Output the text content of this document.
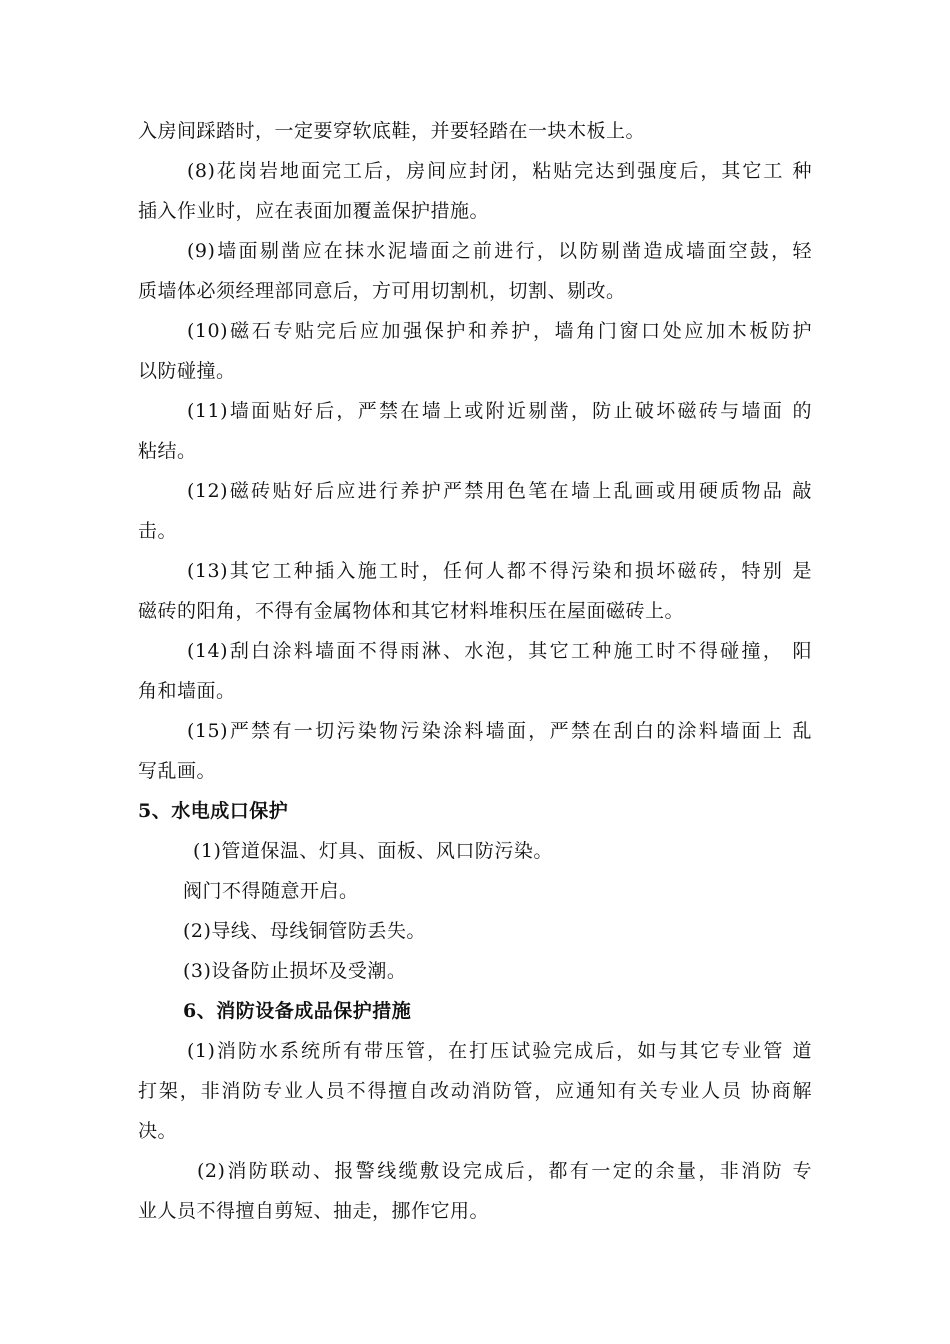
入房间踩踏时，一定要穿软底鞋，并要轻踏在一块木板上。
(8)花岗岩地面完工后，房间应封闭，粘贴完达到强度后，其它工 种
插入作业时，应在表面加覆盖保护措施。
(9)墙面剔凿应在抹水泥墙面之前进行，以防剔凿造成墙面空鼓，轻
质墙体必须经理部同意后，方可用切割机，切割、剔改。
(10)磁石专贴完后应加强保护和养护，墙角门窗口处应加木板防护
以防碰撞。
(11)墙面贴好后，严禁在墙上或附近剔凿，防止破坏磁砖与墙面 的
粘结。
(12)磁砖贴好后应进行养护严禁用色笔在墙上乱画或用硬质物品 敲
击。
(13)其它工种插入施工时，任何人都不得污染和损坏磁砖，特别 是
磁砖的阳角，不得有金属物体和其它材料堆积压在屋面磁砖上。
(14)刮白涂料墙面不得雨淋、水泡，其它工种施工时不得碰撞， 阳
角和墙面。
(15)严禁有一切污染物污染涂料墙面，严禁在刮白的涂料墙面上 乱
写乱画。
5、水电成口保护
(1)管道保温、灯具、面板、风口防污染。
阀门不得随意开启。
(2)导线、母线铜管防丢失。
(3)设备防止损坏及受潮。
6、消防设备成品保护措施
(1)消防水系统所有带压管，在打压试验完成后，如与其它专业管 道
打架，非消防专业人员不得擅自改动消防管，应通知有关专业人员 协商解
决。
(2)消防联动、报警线缆敷设完成后，都有一定的余量，非消防 专
业人员不得擅自剪短、抽走，挪作它用。
